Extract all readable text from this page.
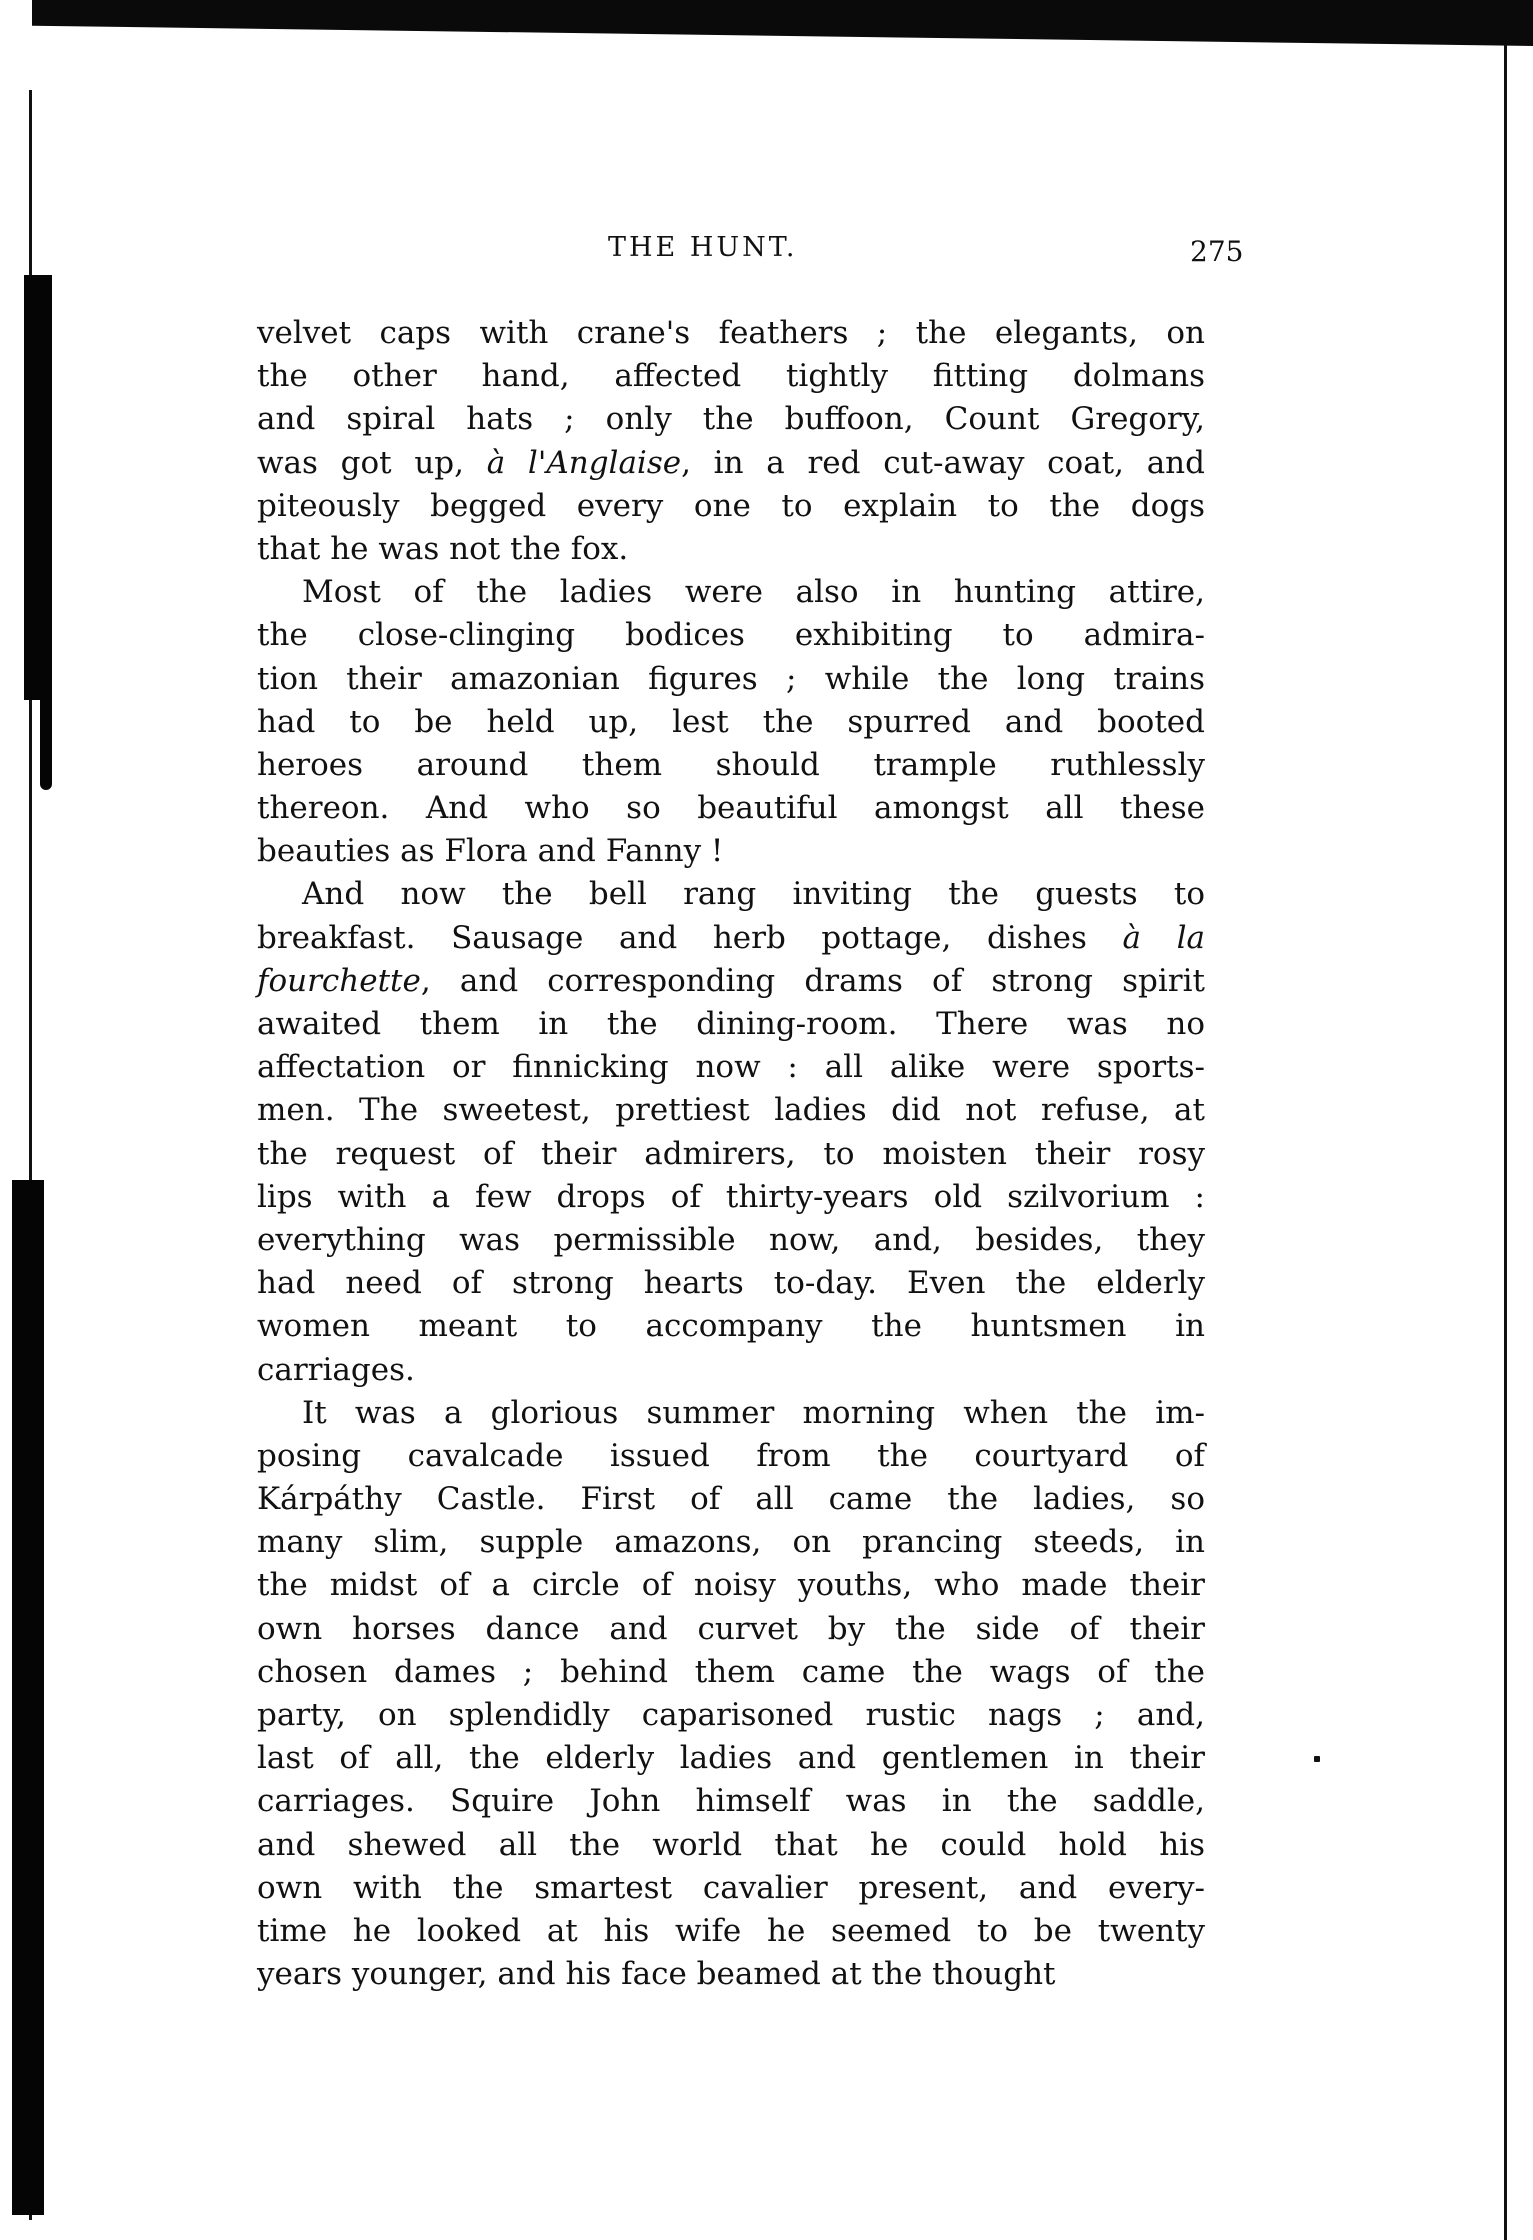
THE HUNT.	275
velvet caps with crane's feathers ; the elegants, on
the other hand, affected tightly fitting dolmans
and spiral hats ; only the buffoon, Count Gregory,
was got up, à l'Anglaise, in a red cut-away coat, and
piteously begged every one to explain to the dogs
that he was not the fox.
Most of the ladies were also in hunting attire,
the close-clinging bodices exhibiting to admira-
tion their amazonian figures ; while the long trains
had to be held up, lest the spurred and booted
heroes around them should trample ruthlessly
thereon. And who so beautiful amongst all these
beauties as Flora and Fanny !
And now the bell rang inviting the guests to
breakfast. Sausage and herb pottage, dishes à la
fourchette, and corresponding drams of strong spirit
awaited them in the dining-room. There was no
affectation or finnicking now : all alike were sports-
men. The sweetest, prettiest ladies did not refuse, at
the request of their admirers, to moisten their rosy
lips with a few drops of thirty-years old szilvorium :
everything was permissible now, and, besides, they
had need of strong hearts to-day. Even the elderly
women meant to accompany the huntsmen in
carriages.
It was a glorious summer morning when the im-
posing cavalcade issued from the courtyard of
Kárpáthy Castle. First of all came the ladies, so
many slim, supple amazons, on prancing steeds, in
the midst of a circle of noisy youths, who made their
own horses dance and curvet by the side of their
chosen dames ; behind them came the wags of the
party, on splendidly caparisoned rustic nags ; and,
last of all, the elderly ladies and gentlemen in their
carriages. Squire John himself was in the saddle,
and shewed all the world that he could hold his
own with the smartest cavalier present, and every-
time he looked at his wife he seemed to be twenty
years younger, and his face beamed at the thought
